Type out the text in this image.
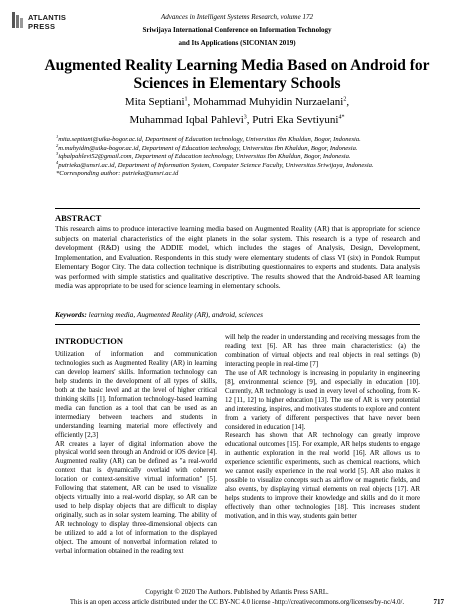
ATLANTIS
PRESS
Advances in Intelligent Systems Research, volume 172
Sriwijaya International Conference on Information Technology
and Its Applications (SICONIAN 2019)
Augmented Reality Learning Media Based on Android for Sciences in Elementary Schools
Mita Septiani$^1$, Mohammad Muhyidin Nurzaelani$^2$,
Muhammad Iqbal Pahlevi$^3$, Putri Eka Sevtiyuni$^{4*}$
$^1$mita.septiani@uika-bogor.ac.id, Department of Education technology, Universitas Ibn Khaldun, Bogor, Indonesia.
$^2$m.muhyidin@uika-bogor.ac.id, Department of Education technology, Universitas Ibn Khaldun, Bogor, Indonesia.
$^3$iqbalpahlevi52@gmail.com, Department of Education technology, Universitas Ibn Khaldun, Bogor, Indonesia.
$^4$putrieka@unsri.ac.id, Department of Information System, Computer Science Faculty, Universitas Sriwijaya, Indonesia.
*Corresponding author: putrieka@unsri.ac.id
ABSTRACT
This research aims to produce interactive learning media based on Augmented Reality (AR) that is appropriate for science subjects on material characteristics of the eight planets in the solar system. This research is a type of research and development (R&D) using the ADDIE model, which includes the stages of Analysis, Design, Development, Implementation, and Evaluation. Respondents in this study were elementary students of class VI (six) in Pondok Rumput Elementary Bogor City. The data collection technique is distributing questionnaires to experts and students. Data analysis was performed with simple statistics and qualitative descriptive. The results showed that the Android-based AR learning media was appropriate to be used for science learning in elementary schools.
Keywords: learning media, Augmented Reality (AR), android, sciences
INTRODUCTION

Utilization of information and communication technologies such as Augmented Reality (AR) in learning can develop learners' skills. Information technology can help students in the development of all types of skills, both at the basic level and at the level of higher critical thinking skills [1]. Information technology-based learning media can function as a tool that can be used as an intermediary between teachers and students in understanding learning material more effectively and efficiently [2,3]

AR creates a layer of digital information above the physical world seen through an Android or iOS device [4]. Augmented reality (AR) can be defined as "a real-world context that is dynamically overlaid with coherent location or context-sensitive virtual information" [5]. Following that statement, AR can be used to visualize objects virtually into a real-world display, so AR can be used to help display objects that are difficult to display originally, such as in solar system learning. The ability of AR technology to display three-dimensional objects can be utilized to add a lot of information to the displayed object. The amount of nonverbal information related to verbal information obtained in the reading text

will help the reader in understanding and receiving messages from the reading text [6]. AR has three main characteristics: (a) the combination of virtual objects and real objects in real settings (b) interacting people in real-time [7]

The use of AR technology is increasing in popularity in engineering [8], environmental science [9], and especially in education [10]. Currently, AR technology is used in every level of schooling, from K-12 [11, 12] to higher education [13]. The use of AR is very potential and interesting, inspires, and motivates students to explore and content from a variety of different perspectives that have never been considered in education [14].

Research has shown that AR technology can greatly improve educational outcomes [15]. For example, AR helps students to engage in authentic exploration in the real world [16]. AR allows us to experience scientific experiments, such as chemical reactions, which we cannot easily experience in the real world [5]. AR also makes it possible to visualize concepts such as airflow or magnetic fields, and also events, by displaying virtual elements on real objects [17]. AR helps students to improve their knowledge and skills and do it more effectively than other technologies [18]. This increases student motivation, and in this way, students gain better

Copyright © 2020 The Authors. Published by Atlantis Press SARL.
This is an open access article distributed under the CC BY-NC 4.0 license -http://creativecommons.org/licenses/by-nc/4.0/.	717
